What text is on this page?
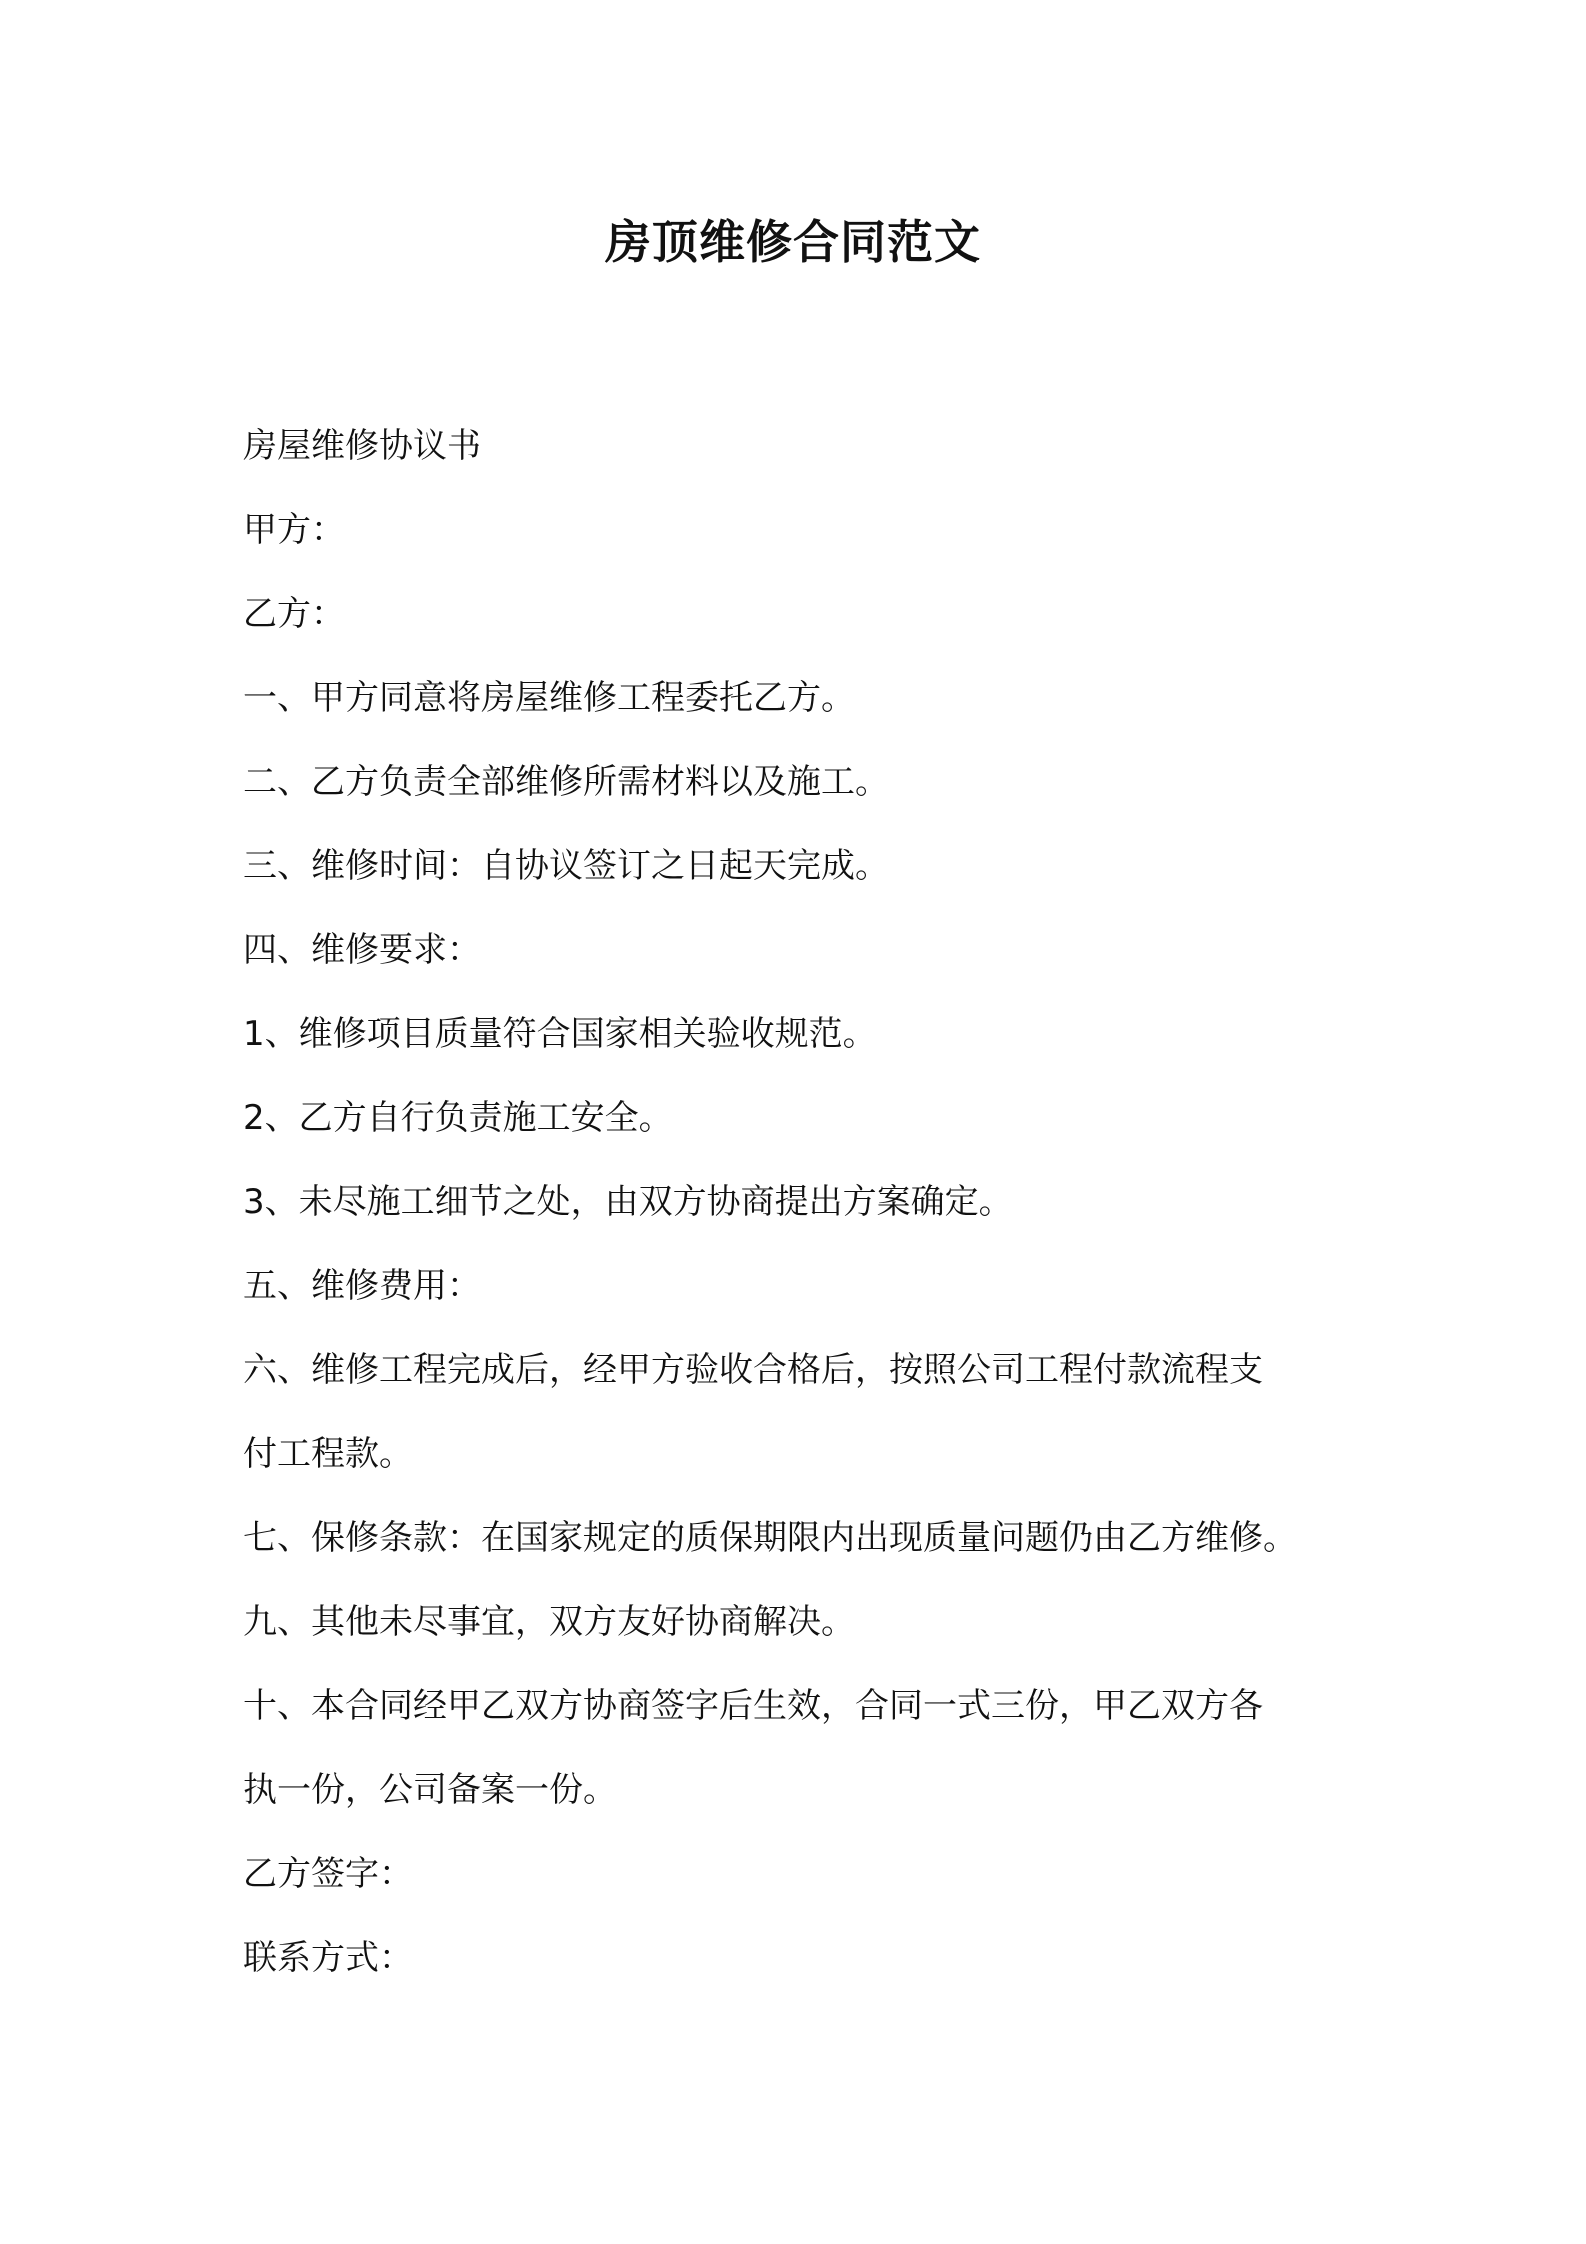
房顶维修合同范文
房屋维修协议书
甲方：
乙方：
一、甲方同意将房屋维修工程委托乙方。
二、乙方负责全部维修所需材料以及施工。
三、维修时间：自协议签订之日起天完成。
四、维修要求：
1、维修项目质量符合国家相关验收规范。
2、乙方自行负责施工安全。
3、未尽施工细节之处，由双方协商提出方案确定。
五、维修费用：
六、维修工程完成后，经甲方验收合格后，按照公司工程付款流程支
付工程款。
七、保修条款：在国家规定的质保期限内出现质量问题仍由乙方维修。
九、其他未尽事宜，双方友好协商解决。
十、本合同经甲乙双方协商签字后生效，合同一式三份，甲乙双方各
执一份，公司备案一份。
乙方签字：
联系方式：
